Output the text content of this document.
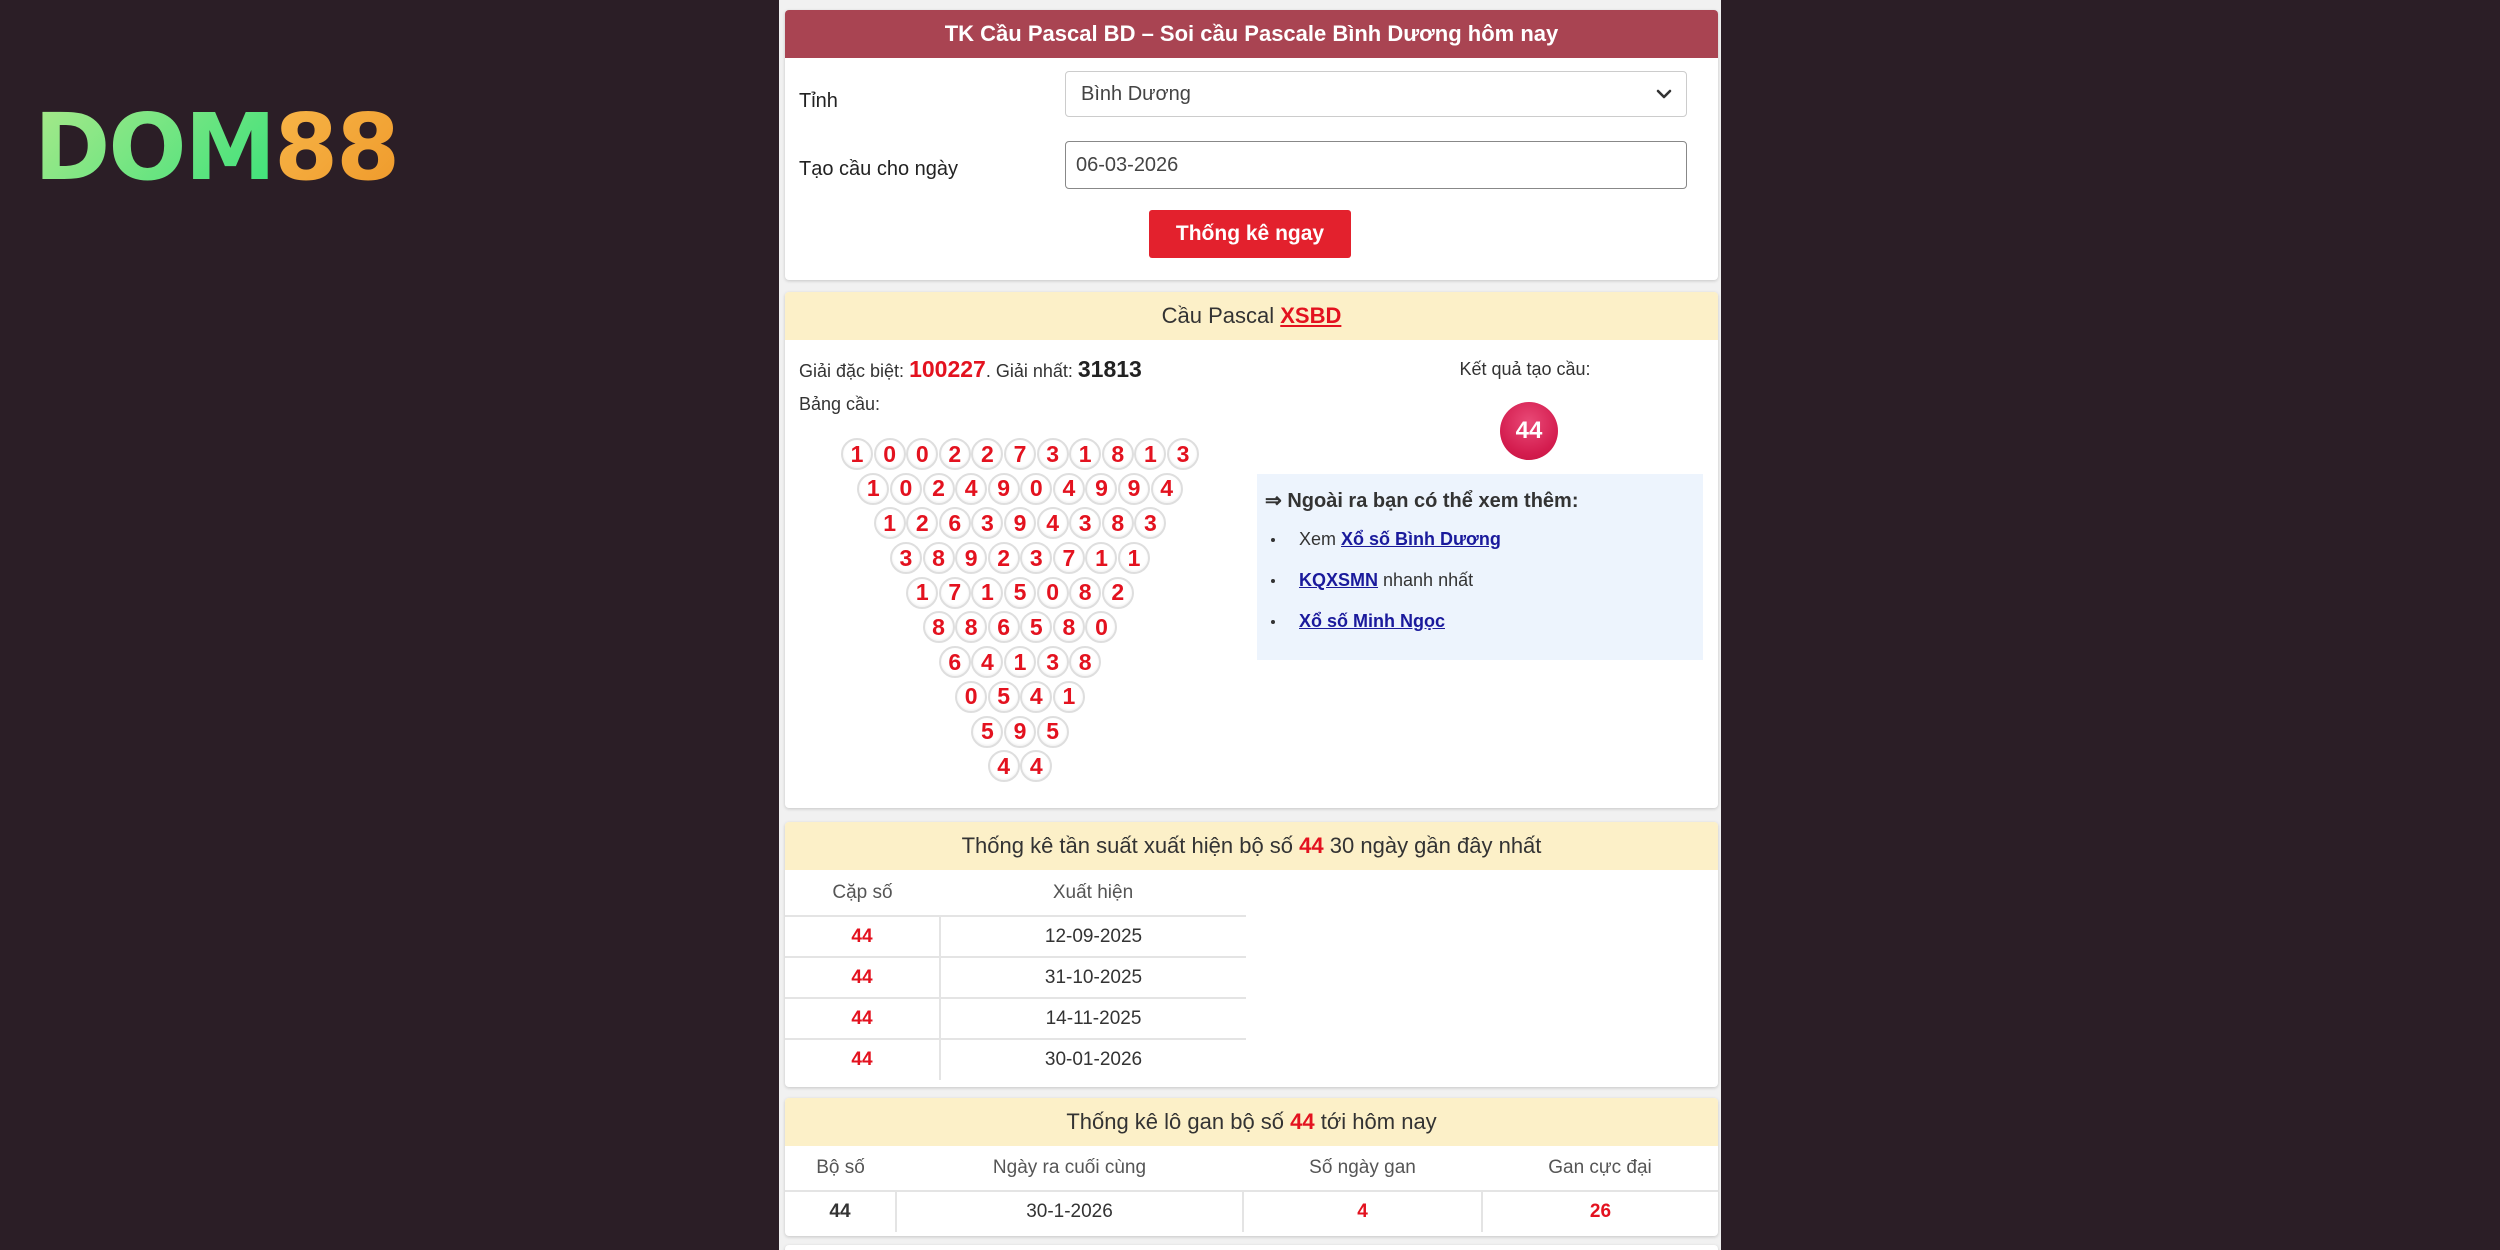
DOM 88
TK Cầu Pascal BD – Soi cầu Pascale Bình Dương hôm nay
Tỉnh	Bình Dương
Tạo cầu cho ngày	06-03-2026
Thống kê ngay
Cầu Pascal
XSBD
Giải đặc biệt: 100227. Giải nhất: 31813
Bảng cầu:
1 0 0 2 2 7 3 1 8 1 3
1 0 2 4 9 0 4 9 9 4
1 2 6 3 9 4 3 8 3
3 8 9 2 3 7 1 1
1 7 1 5 0 8 2
8 8 6 5 8 0
6 4 1 3 8
0 5 4 1
5 9 5
4 4
Kết quả tạo cầu:
44
⇒ Ngoài ra bạn có thể xem thêm:
Xem Xổ số Bình Dương
KQXSMN nhanh nhất
Xổ số Minh Ngọc
Thống kê tần suất xuất hiện bộ số
44
30 ngày gần đây nhất
Cặp số	Xuất hiện
44	12-09-2025
44	31-10-2025
44	14-11-2025
44	30-01-2026
Thống kê lô gan bộ số
44
tới hôm nay
Bộ số	Ngày ra cuối cùng	Số ngày gan	Gan cực đại
44	30-1-2026	4	26
